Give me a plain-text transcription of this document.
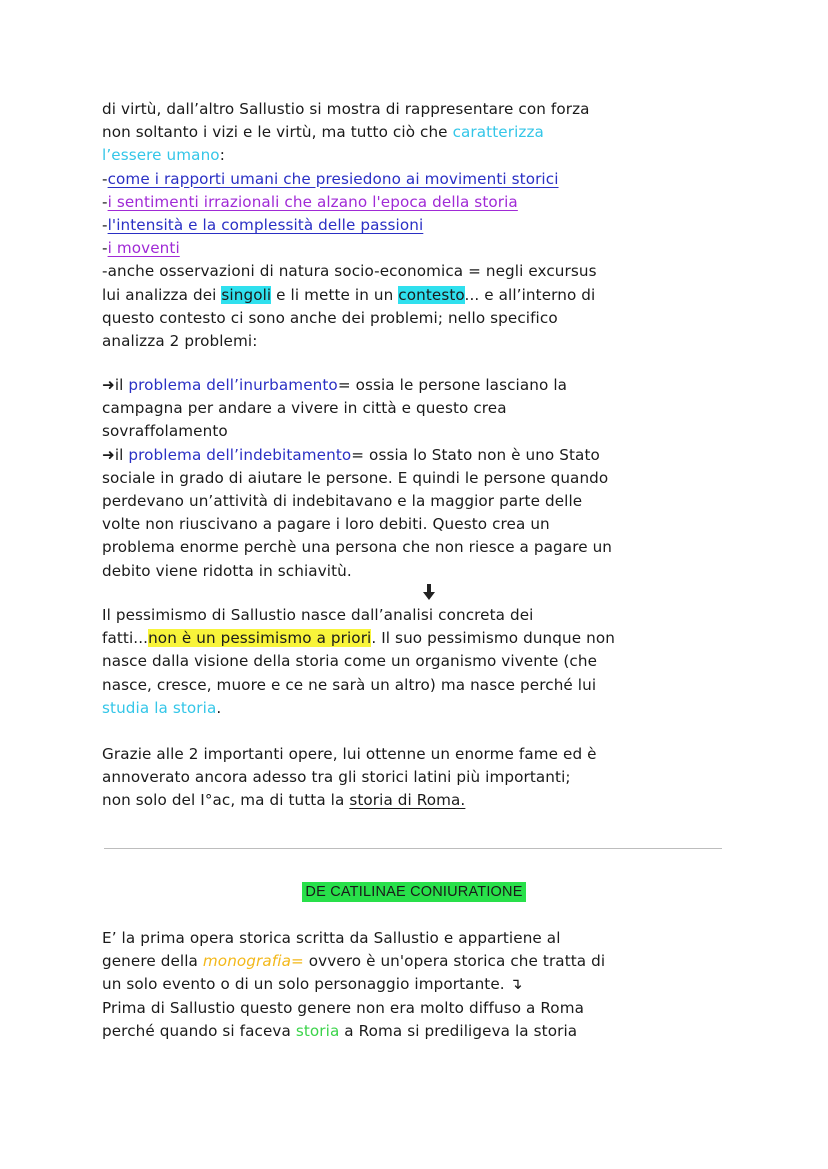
di virtù, dall’altro Sallustio si mostra di rappresentare con forza
non soltanto i vizi e le virtù, ma tutto ciò che caratterizza
l’essere umano:
-come i rapporti umani che presiedono ai movimenti storici
-i sentimenti irrazionali che alzano l'epoca della storia
-l'intensità e la complessità delle passioni
-i moventi
-anche osservazioni di natura socio-economica = negli excursus
lui analizza dei singoli e li mette in un contesto... e all’interno di
questo contesto ci sono anche dei problemi; nello specifico
analizza 2 problemi:
➜il problema dell’inurbamento= ossia le persone lasciano la
campagna per andare a vivere in città e questo crea
sovraffolamento
➜il problema dell’indebitamento= ossia lo Stato non è uno Stato
sociale in grado di aiutare le persone. E quindi le persone quando
perdevano un’attività di indebitavano e la maggior parte delle
volte non riuscivano a pagare i loro debiti. Questo crea un
problema enorme perchè una persona che non riesce a pagare un
debito viene ridotta in schiavitù.
Il pessimismo di Sallustio nasce dall’analisi concreta dei
fatti...non è un pessimismo a priori. Il suo pessimismo dunque non
nasce dalla visione della storia come un organismo vivente (che
nasce, cresce, muore e ce ne sarà un altro) ma nasce perché lui
studia la storia.
Grazie alle 2 importanti opere, lui ottenne un enorme fame ed è
annoverato ancora adesso tra gli storici latini più importanti;
non solo del I°ac, ma di tutta la storia di Roma.
DE CATILINAE CONIURATIONE
E’ la prima opera storica scritta da Sallustio e appartiene al
genere della monografia= ovvero è un'opera storica che tratta di
un solo evento o di un solo personaggio importante. ↴
Prima di Sallustio questo genere non era molto diffuso a Roma
perché quando si faceva storia a Roma si prediligeva la storia
